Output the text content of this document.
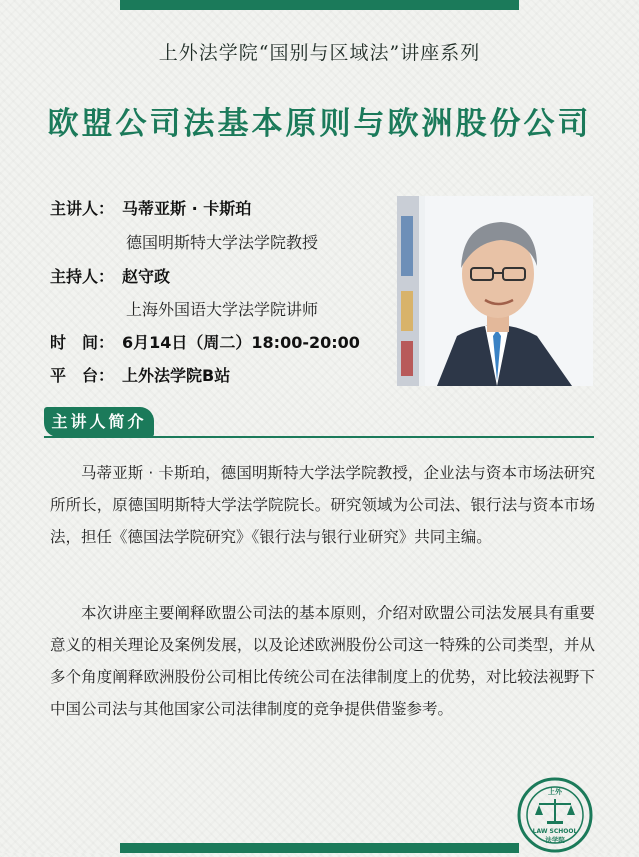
上外法学院“国别与区域法”讲座系列
欧盟公司法基本原则与欧洲股份公司
主讲人： 马蒂亚斯 · 卡斯珀
德国明斯特大学法学院教授
主持人： 赵守政
上海外国语大学法学院讲师
时　间： 6月14日（周二）18:00-20:00
平　台： 上外法学院B站
主讲人简介

马蒂亚斯 · 卡斯珀，德国明斯特大学法学院教授，企业法与资本市场法研究所所长，原德国明斯特大学法学院院长。研究领域为公司法、银行法与资本市场法，担任《德国法学院研究》《银行法与银行业研究》共同主编。

本次讲座主要阐释欧盟公司法的基本原则，介绍对欧盟公司法发展具有重要意义的相关理论及案例发展，以及论述欧洲股份公司这一特殊的公司类型，并从多个角度阐释欧洲股份公司相比传统公司在法律制度上的优势，对比较法视野下中国公司法与其他国家公司法律制度的竞争提供借鉴参考。

上外
LAW SCHOOL
法学院
